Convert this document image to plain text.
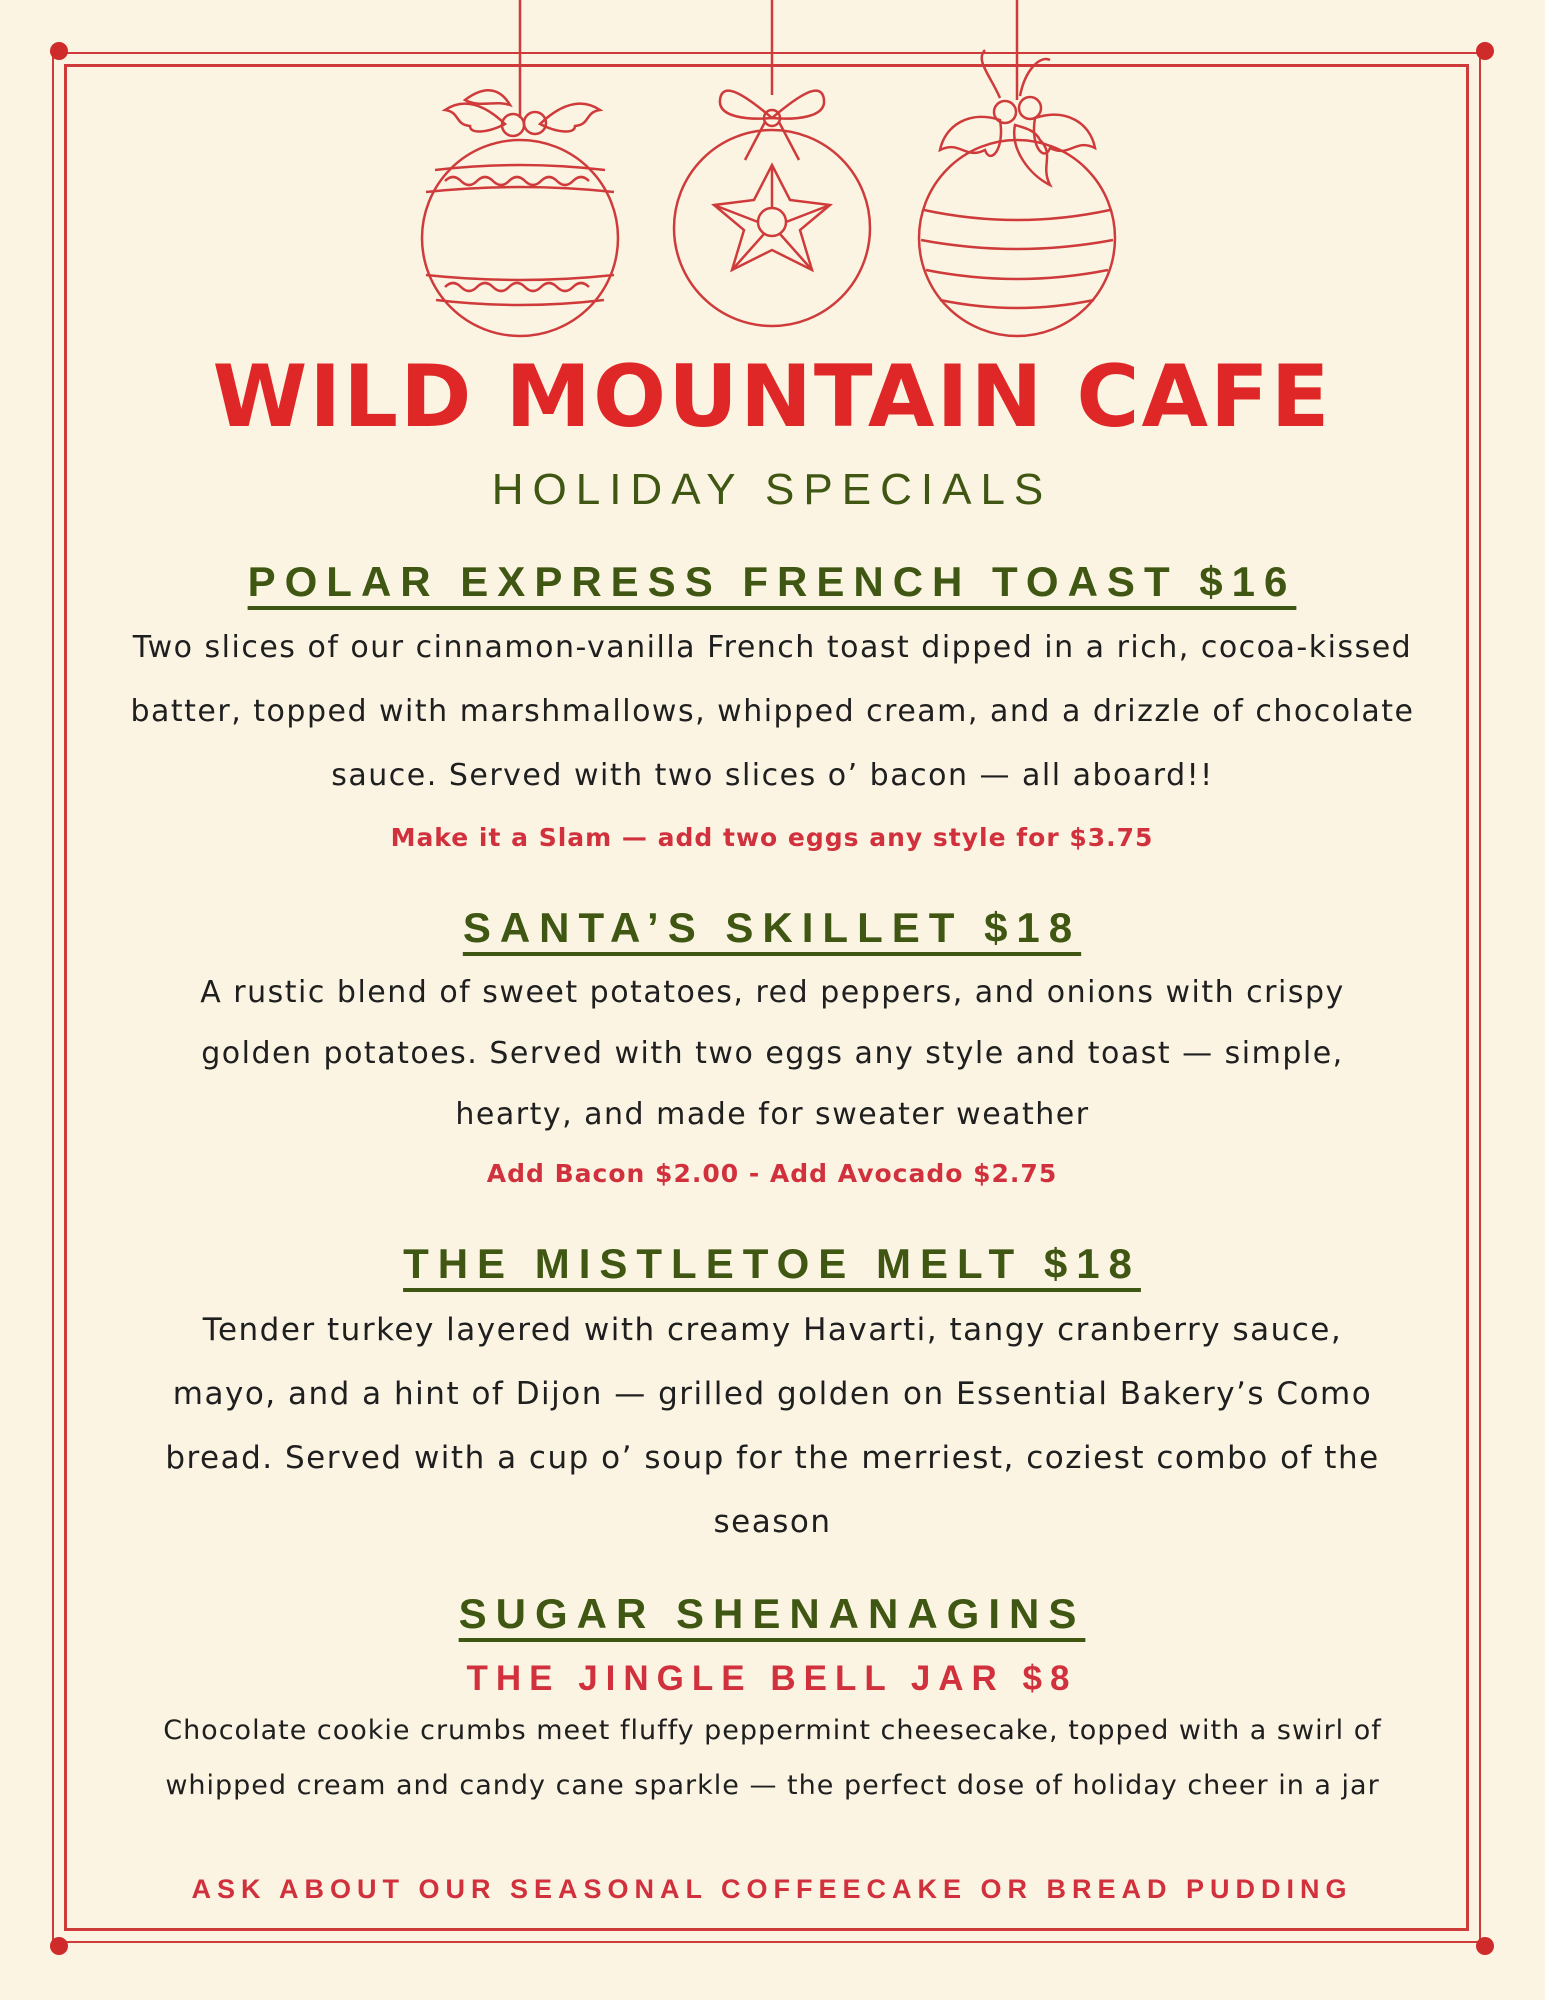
WILD MOUNTAIN CAFE
HOLIDAY SPECIALS
POLAR EXPRESS FRENCH TOAST $16
Two slices of our cinnamon-vanilla French toast dipped in a rich, cocoa-kissed batter, topped with marshmallows, whipped cream, and a drizzle of chocolate sauce. Served with two slices o’ bacon — all aboard!!
Make it a Slam — add two eggs any style for $3.75
SANTA’S SKILLET $18
A rustic blend of sweet potatoes, red peppers, and onions with crispy golden potatoes. Served with two eggs any style and toast — simple, hearty, and made for sweater weather
Add Bacon $2.00 - Add Avocado $2.75
THE MISTLETOE MELT $18
Tender turkey layered with creamy Havarti, tangy cranberry sauce, mayo, and a hint of Dijon — grilled golden on Essential Bakery’s Como bread. Served with a cup o’ soup for the merriest, coziest combo of the season
SUGAR SHENANAGINS
THE JINGLE BELL JAR $8
Chocolate cookie crumbs meet fluffy peppermint cheesecake, topped with a swirl of whipped cream and candy cane sparkle — the perfect dose of holiday cheer in a jar
ASK ABOUT OUR SEASONAL COFFEECAKE OR BREAD PUDDING
